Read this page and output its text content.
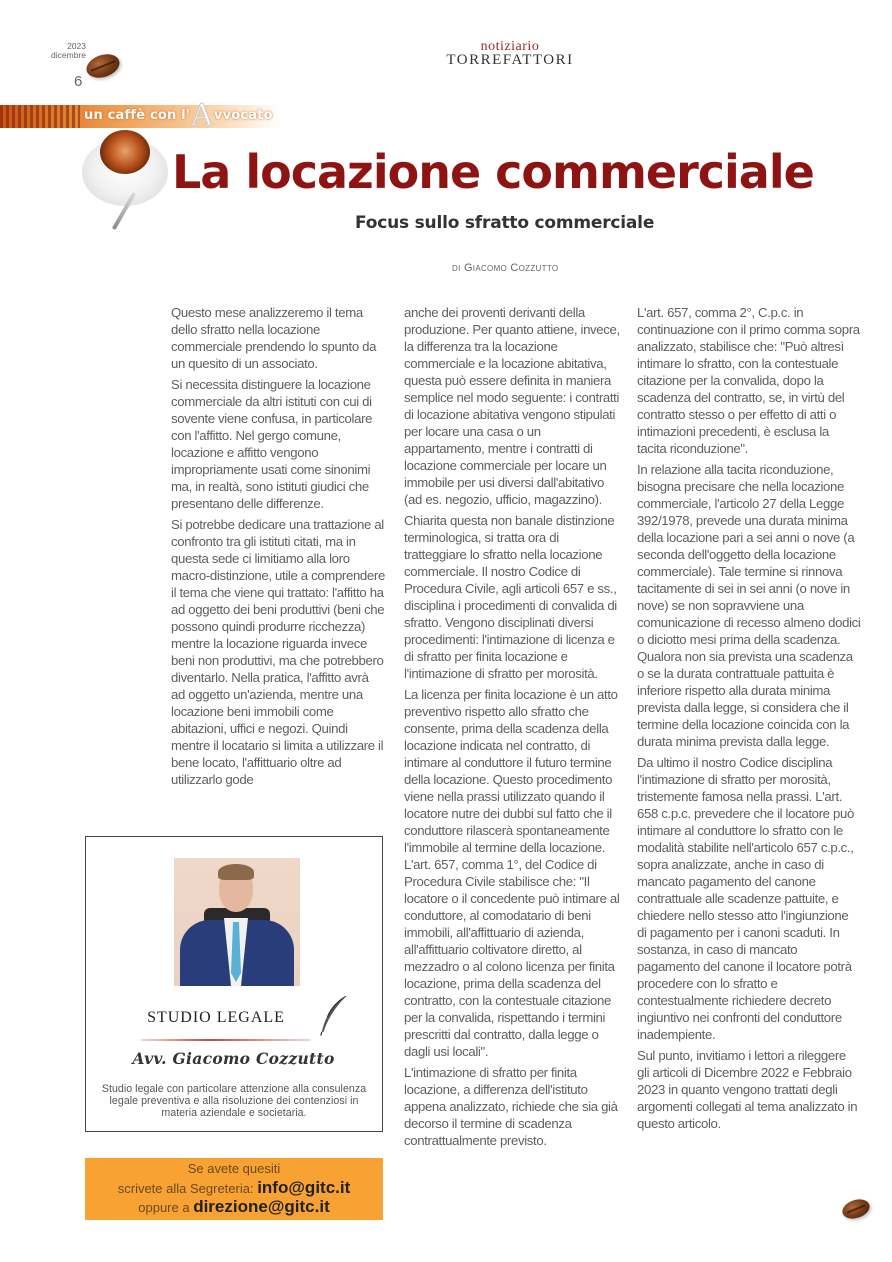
2023
dicembre
6
notiziario
TORREFATTORI
un caffè con l'Avvocato
La locazione commerciale
Focus sullo sfratto commerciale
di Giacomo Cozzutto

Questo mese analizzeremo il tema dello sfratto nella locazione commerciale prendendo lo spunto da un quesito di un associato.

Si necessita distinguere la locazione commerciale da altri istituti con cui di sovente viene confusa, in particolare con l'affitto. Nel gergo comune, locazione e affitto vengono impropriamente usati come sinonimi ma, in realtà, sono istituti giudici che presentano delle differenze.

Si potrebbe dedicare una trattazione al confronto tra gli istituti citati, ma in questa sede ci limitiamo alla loro macro-distinzione, utile a comprendere il tema che viene qui trattato: l'affitto ha ad oggetto dei beni produttivi (beni che possono quindi produrre ricchezza) mentre la locazione riguarda invece beni non produttivi, ma che potrebbero diventarlo. Nella pratica, l'affitto avrà ad oggetto un'azienda, mentre una locazione beni immobili come abitazioni, uffici e negozi. Quindi mentre il locatario si limita a utilizzare il bene locato, l'affittuario oltre ad utilizzarlo gode

anche dei proventi derivanti della produzione. Per quanto attiene, invece, la differenza tra la locazione commerciale e la locazione abitativa, questa può essere definita in maniera semplice nel modo seguente: i contratti di locazione abitativa vengono stipulati per locare una casa o un appartamento, mentre i contratti di locazione commerciale per locare un immobile per usi diversi dall'abitativo (ad es. negozio, ufficio, magazzino).

Chiarita questa non banale distinzione terminologica, si tratta ora di tratteggiare lo sfratto nella locazione commerciale. Il nostro Codice di Procedura Civile, agli articoli 657 e ss., disciplina i procedimenti di convalida di sfratto. Vengono disciplinati diversi procedimenti: l'intimazione di licenza e di sfratto per finita locazione e l'intimazione di sfratto per morosità.

La licenza per finita locazione è un atto preventivo rispetto allo sfratto che consente, prima della scadenza della locazione indicata nel contratto, di intimare al conduttore il futuro termine della locazione. Questo procedimento viene nella prassi utilizzato quando il locatore nutre dei dubbi sul fatto che il conduttore rilascerà spontaneamente l'immobile al termine della locazione. L'art. 657, comma 1°, del Codice di Procedura Civile stabilisce che: "Il locatore o il concedente può intimare al conduttore, al comodatario di beni immobili, all'affittuario di azienda, all'affittuario coltivatore diretto, al mezzadro o al colono licenza per finita locazione, prima della scadenza del contratto, con la contestuale citazione per la convalida, rispettando i termini prescritti dal contratto, dalla legge o dagli usi locali".

L'intimazione di sfratto per finita locazione, a differenza dell'istituto appena analizzato, richiede che sia già decorso il termine di scadenza contrattualmente previsto.

L'art. 657, comma 2°, C.p.c. in continuazione con il primo comma sopra analizzato, stabilisce che: "Può altresì intimare lo sfratto, con la contestuale citazione per la convalida, dopo la scadenza del contratto, se, in virtù del contratto stesso o per effetto di atti o intimazioni precedenti, è esclusa la tacita riconduzione".

In relazione alla tacita riconduzione, bisogna precisare che nella locazione commerciale, l'articolo 27 della Legge 392/1978, prevede una durata minima della locazione pari a sei anni o nove (a seconda dell'oggetto della locazione commerciale). Tale termine si rinnova tacitamente di sei in sei anni (o nove in nove) se non sopravviene una comunicazione di recesso almeno dodici o diciotto mesi prima della scadenza. Qualora non sia prevista una scadenza o se la durata contrattuale pattuita è inferiore rispetto alla durata minima prevista dalla legge, si considera che il termine della locazione coincida con la durata minima prevista dalla legge.

Da ultimo il nostro Codice disciplina l'intimazione di sfratto per morosità, tristemente famosa nella prassi. L'art. 658 c.p.c. prevedere che il locatore può intimare al conduttore lo sfratto con le modalità stabilite nell'articolo 657 c.p.c., sopra analizzate, anche in caso di mancato pagamento del canone contrattuale alle scadenze pattuite, e chiedere nello stesso atto l'ingiunzione di pagamento per i canoni scaduti. In sostanza, in caso di mancato pagamento del canone il locatore potrà procedere con lo sfratto e contestualmente richiedere decreto ingiuntivo nei confronti del conduttore inadempiente.

Sul punto, invitiamo i lettori a rileggere gli articoli di Dicembre 2022 e Febbraio 2023 in quanto vengono trattati degli argomenti collegati al tema analizzato in questo articolo.

STUDIO LEGALE
Avv. Giacomo Cozzutto
Studio legale con particolare attenzione alla consulenza legale preventiva e alla risoluzione dei contenziosi in materia aziendale e societaria.
Se avete quesiti
scrivete alla Segreteria: info@gitc.it
oppure a direzione@gitc.it
